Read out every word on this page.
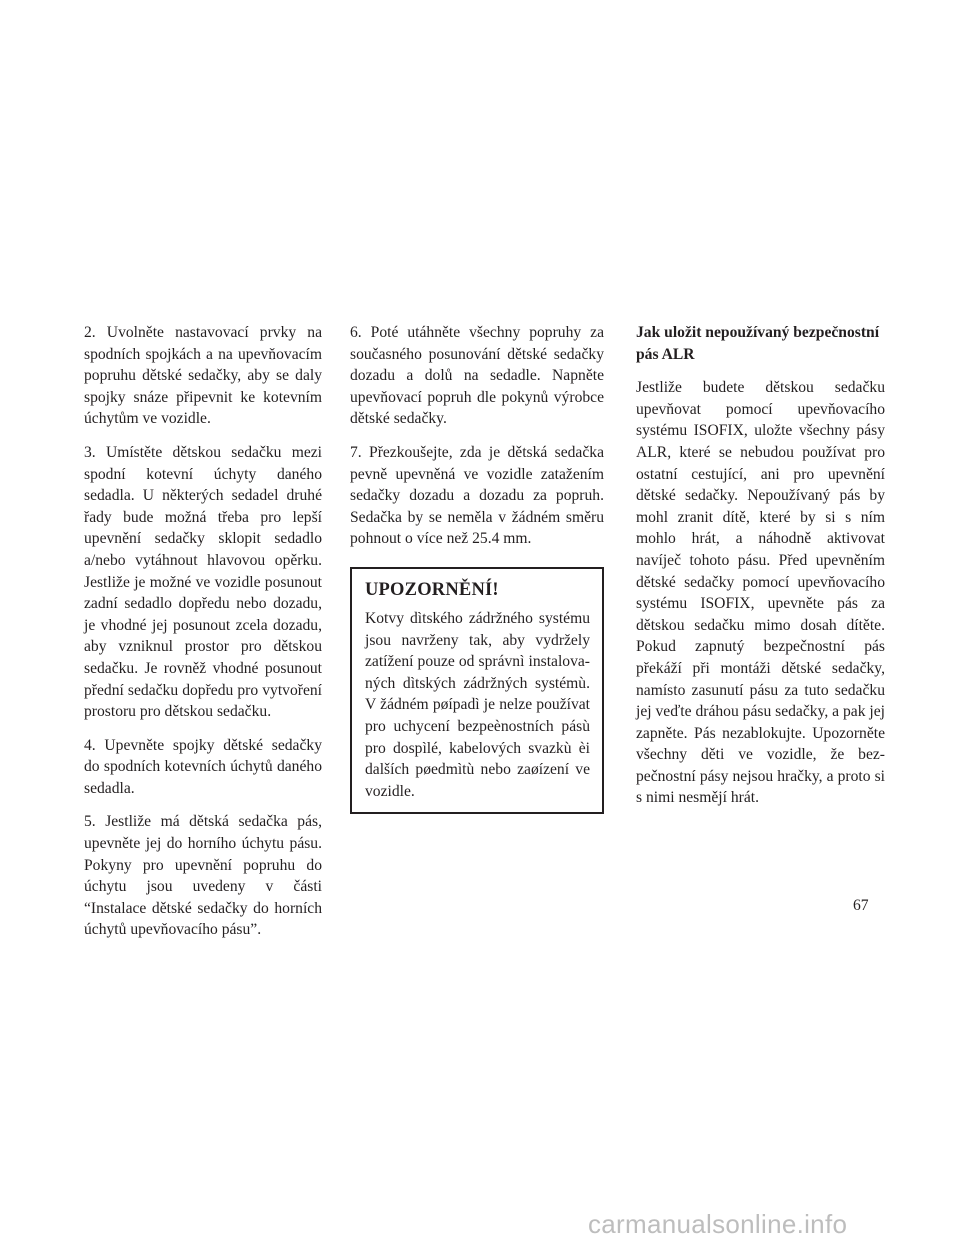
2. Uvolněte nastavovací prvky na spodních spojkách a na upevňovacím popruhu dětské sedačky, aby se daly spojky snáze připevnit ke kotevním úchytům ve vozidle.

3. Umístěte dětskou sedačku mezi spodní kotevní úchyty daného sedadla. U některých sedadel druhé řady bude možná třeba pro lepší upevnění sedačky sklopit sedadlo a/nebo vytáhnout hlavovou opěrku. Jestliže je možné ve vozidle posunout zadní sedadlo dopředu nebo dozadu, je vhodné jej posunout zcela dozadu, aby vzniknul prostor pro dětskou sedačku. Je rovněž vhodné posunout přední sedačku dopředu pro vytvoření prostoru pro dětskou sedačku.

4. Upevněte spojky dětské sedačky do spodních kotevních úchytů daného sedadla.

5. Jestliže má dětská sedačka pás, upevněte jej do horního úchytu pásu. Pokyny pro upevnění popruhu do úchytu jsou uvedeny v části “Instalace dětské sedačky do horních úchytů upevňovacího pásu”.

6. Poté utáhněte všechny popruhy za současného posunování dětské sedačky dozadu a dolů na sedadle. Napněte upevňovací popruh dle pokynů výrobce dětské sedačky.

7. Přezkoušejte, zda je dětská sedačka pevně upevněná ve vozidle zatažením sedačky dozadu a dozadu za popruh. Sedačka by se neměla v žádném směru pohnout o více než 25.4 mm.

UPOZORNĚNÍ!

Kotvy dìtského zádržného systému jsou navrženy tak, aby vydržely zatížení pouze od správnì instalovaných dìtských zádržných systémù. V žádném pøípadì je nelze používat pro uchycení bezpeènostních pásù pro dospìlé, kabelových svazkù èi dalších pøedmìtù nebo zaøízení ve vozidle.

Jak uložit nepoužívaný bezpečnostní
pás ALR

Jestliže budete dětskou sedačku upevňovat pomocí upevňovacího systému ISOFIX, uložte všechny pásy ALR, které se nebudou používat pro ostatní cestující, ani pro upevnění dětské sedačky. Nepoužívaný pás by mohl zranit dítě, které by si s ním mohlo hrát, a náhodně aktivovat navíječ tohoto pásu. Před upevněním dětské sedačky pomocí upevňovacího systému ISOFIX, upevněte pás za dětskou sedačku mimo dosah dítěte. Pokud zapnutý bezpečnostní pás překáží při montáži dětské sedačky, namísto zasunutí pásu za tuto sedačku jej veďte dráhou pásu sedačky, a pak jej zapněte. Pás nezablokujte. Upozorněte všechny děti ve vozidle, že bezpečnostní pásy nejsou hračky, a proto si s nimi nesmějí hrát.

67
carmanualsonline.info
